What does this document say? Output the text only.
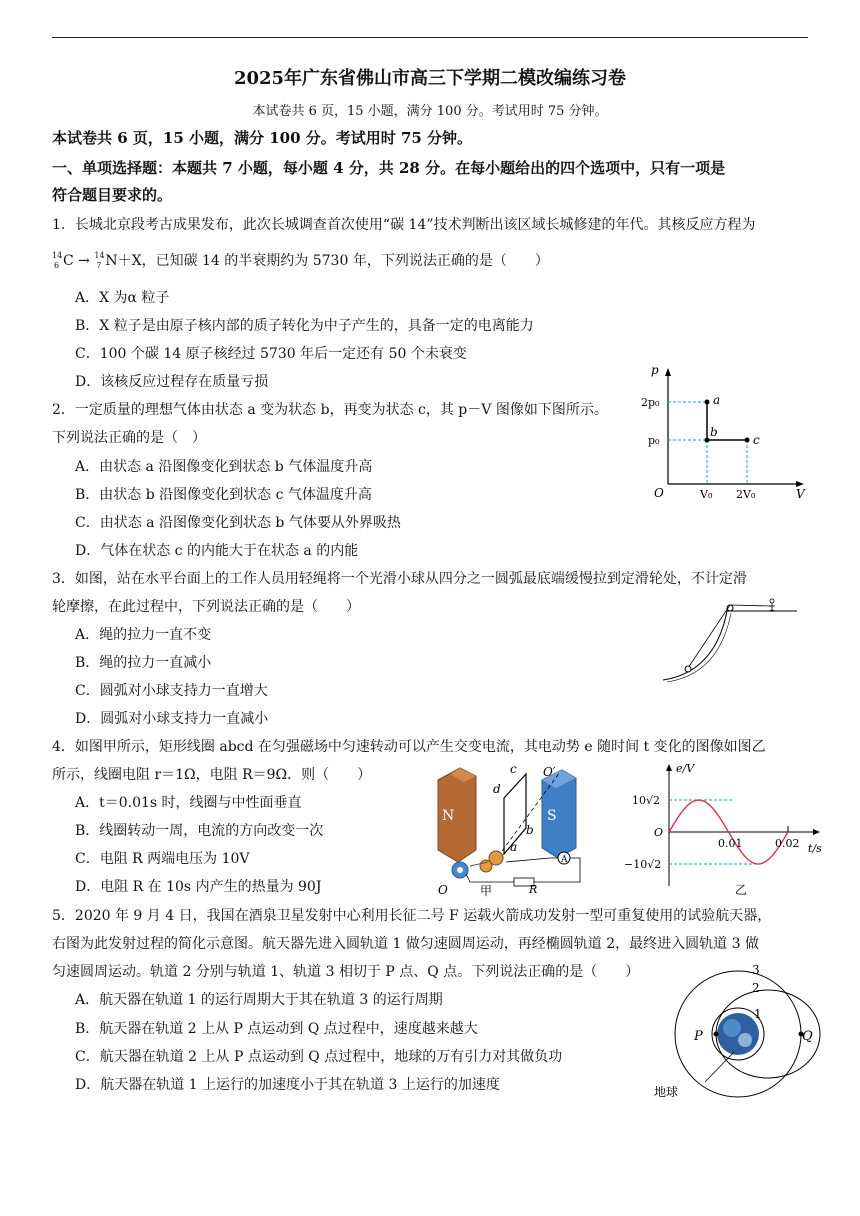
2025年广东省佛山市高三下学期二模改编练习卷
本试卷共 6 页，15 小题，满分 100 分。考试用时 75 分钟。
本试卷共 6 页，15 小题，满分 100 分。考试用时 75 分钟。
一、单项选择题：本题共 7 小题，每小题 4 分，共 28 分。在每小题给出的四个选项中，只有一项是
符合题目要求的。
1．长城北京段考古成果发布，此次长城调查首次使用“碳 14”技术判断出该区域长城修建的年代。其核反应方程为
14
6 C → 14
7 N＋X，已知碳 14 的半衰期约为 5730 年，下列说法正确的是（　　）
A．X 为α 粒子
B．X 粒子是由原子核内部的质子转化为中子产生的，具备一定的电离能力
C．100 个碳 14 原子核经过 5730 年后一定还有 50 个未衰变
D．该核反应过程存在质量亏损
2．一定质量的理想气体由状态 a 变为状态 b，再变为状态 c，其 p－V 图像如下图所示。
下列说法正确的是（　）
A．由状态 a 沿图像变化到状态 b 气体温度升高
B．由状态 b 沿图像变化到状态 c 气体温度升高
C．由状态 a 沿图像变化到状态 b 气体要从外界吸热
D．气体在状态 c 的内能大于在状态 a 的内能
p
V
O
2p₀
p₀
V₀ 2V₀
a
b
c
3．如图，站在水平台面上的工作人员用轻绳将一个光滑小球从四分之一圆弧最底端缓慢拉到定滑轮处，不计定滑
轮摩擦，在此过程中，下列说法正确的是（　　）
A．绳的拉力一直不变
B．绳的拉力一直减小
C．圆弧对小球支持力一直增大
D．圆弧对小球支持力一直减小
4．如图甲所示，矩形线圈 abcd 在匀强磁场中匀速转动可以产生交变电流，其电动势 e 随时间 t 变化的图像如图乙
所示，线圈电阻 r＝1Ω，电阻 R＝9Ω．则（　　）
A．t＝0.01s 时，线圈与中性面垂直
B．线圈转动一周，电流的方向改变一次
C．电阻 R 两端电压为 10V
D．电阻 R 在 10s 内产生的热量为 90J
N	S
A
d
c
b
a
O′
O	R
甲
e/V
t/s
O
10√2
−10√2
0.01	0.02
乙
5．2020 年 9 月 4 日，我国在酒泉卫星发射中心利用长征二号 F 运载火箭成功发射一型可重复使用的试验航天器，
右图为此发射过程的简化示意图。航天器先进入圆轨道 1 做匀速圆周运动，再经椭圆轨道 2，最终进入圆轨道 3 做
匀速圆周运动。轨道 2 分别与轨道 1、轨道 3 相切于 P 点、Q 点。下列说法正确的是（　　）
A．航天器在轨道 1 的运行周期大于其在轨道 3 的运行周期
B．航天器在轨道 2 上从 P 点运动到 Q 点过程中，速度越来越大
C．航天器在轨道 2 上从 P 点运动到 Q 点过程中，地球的万有引力对其做负功
D．航天器在轨道 1 上运行的加速度小于其在轨道 3 上运行的加速度
3
2
1
P	Q
地球
